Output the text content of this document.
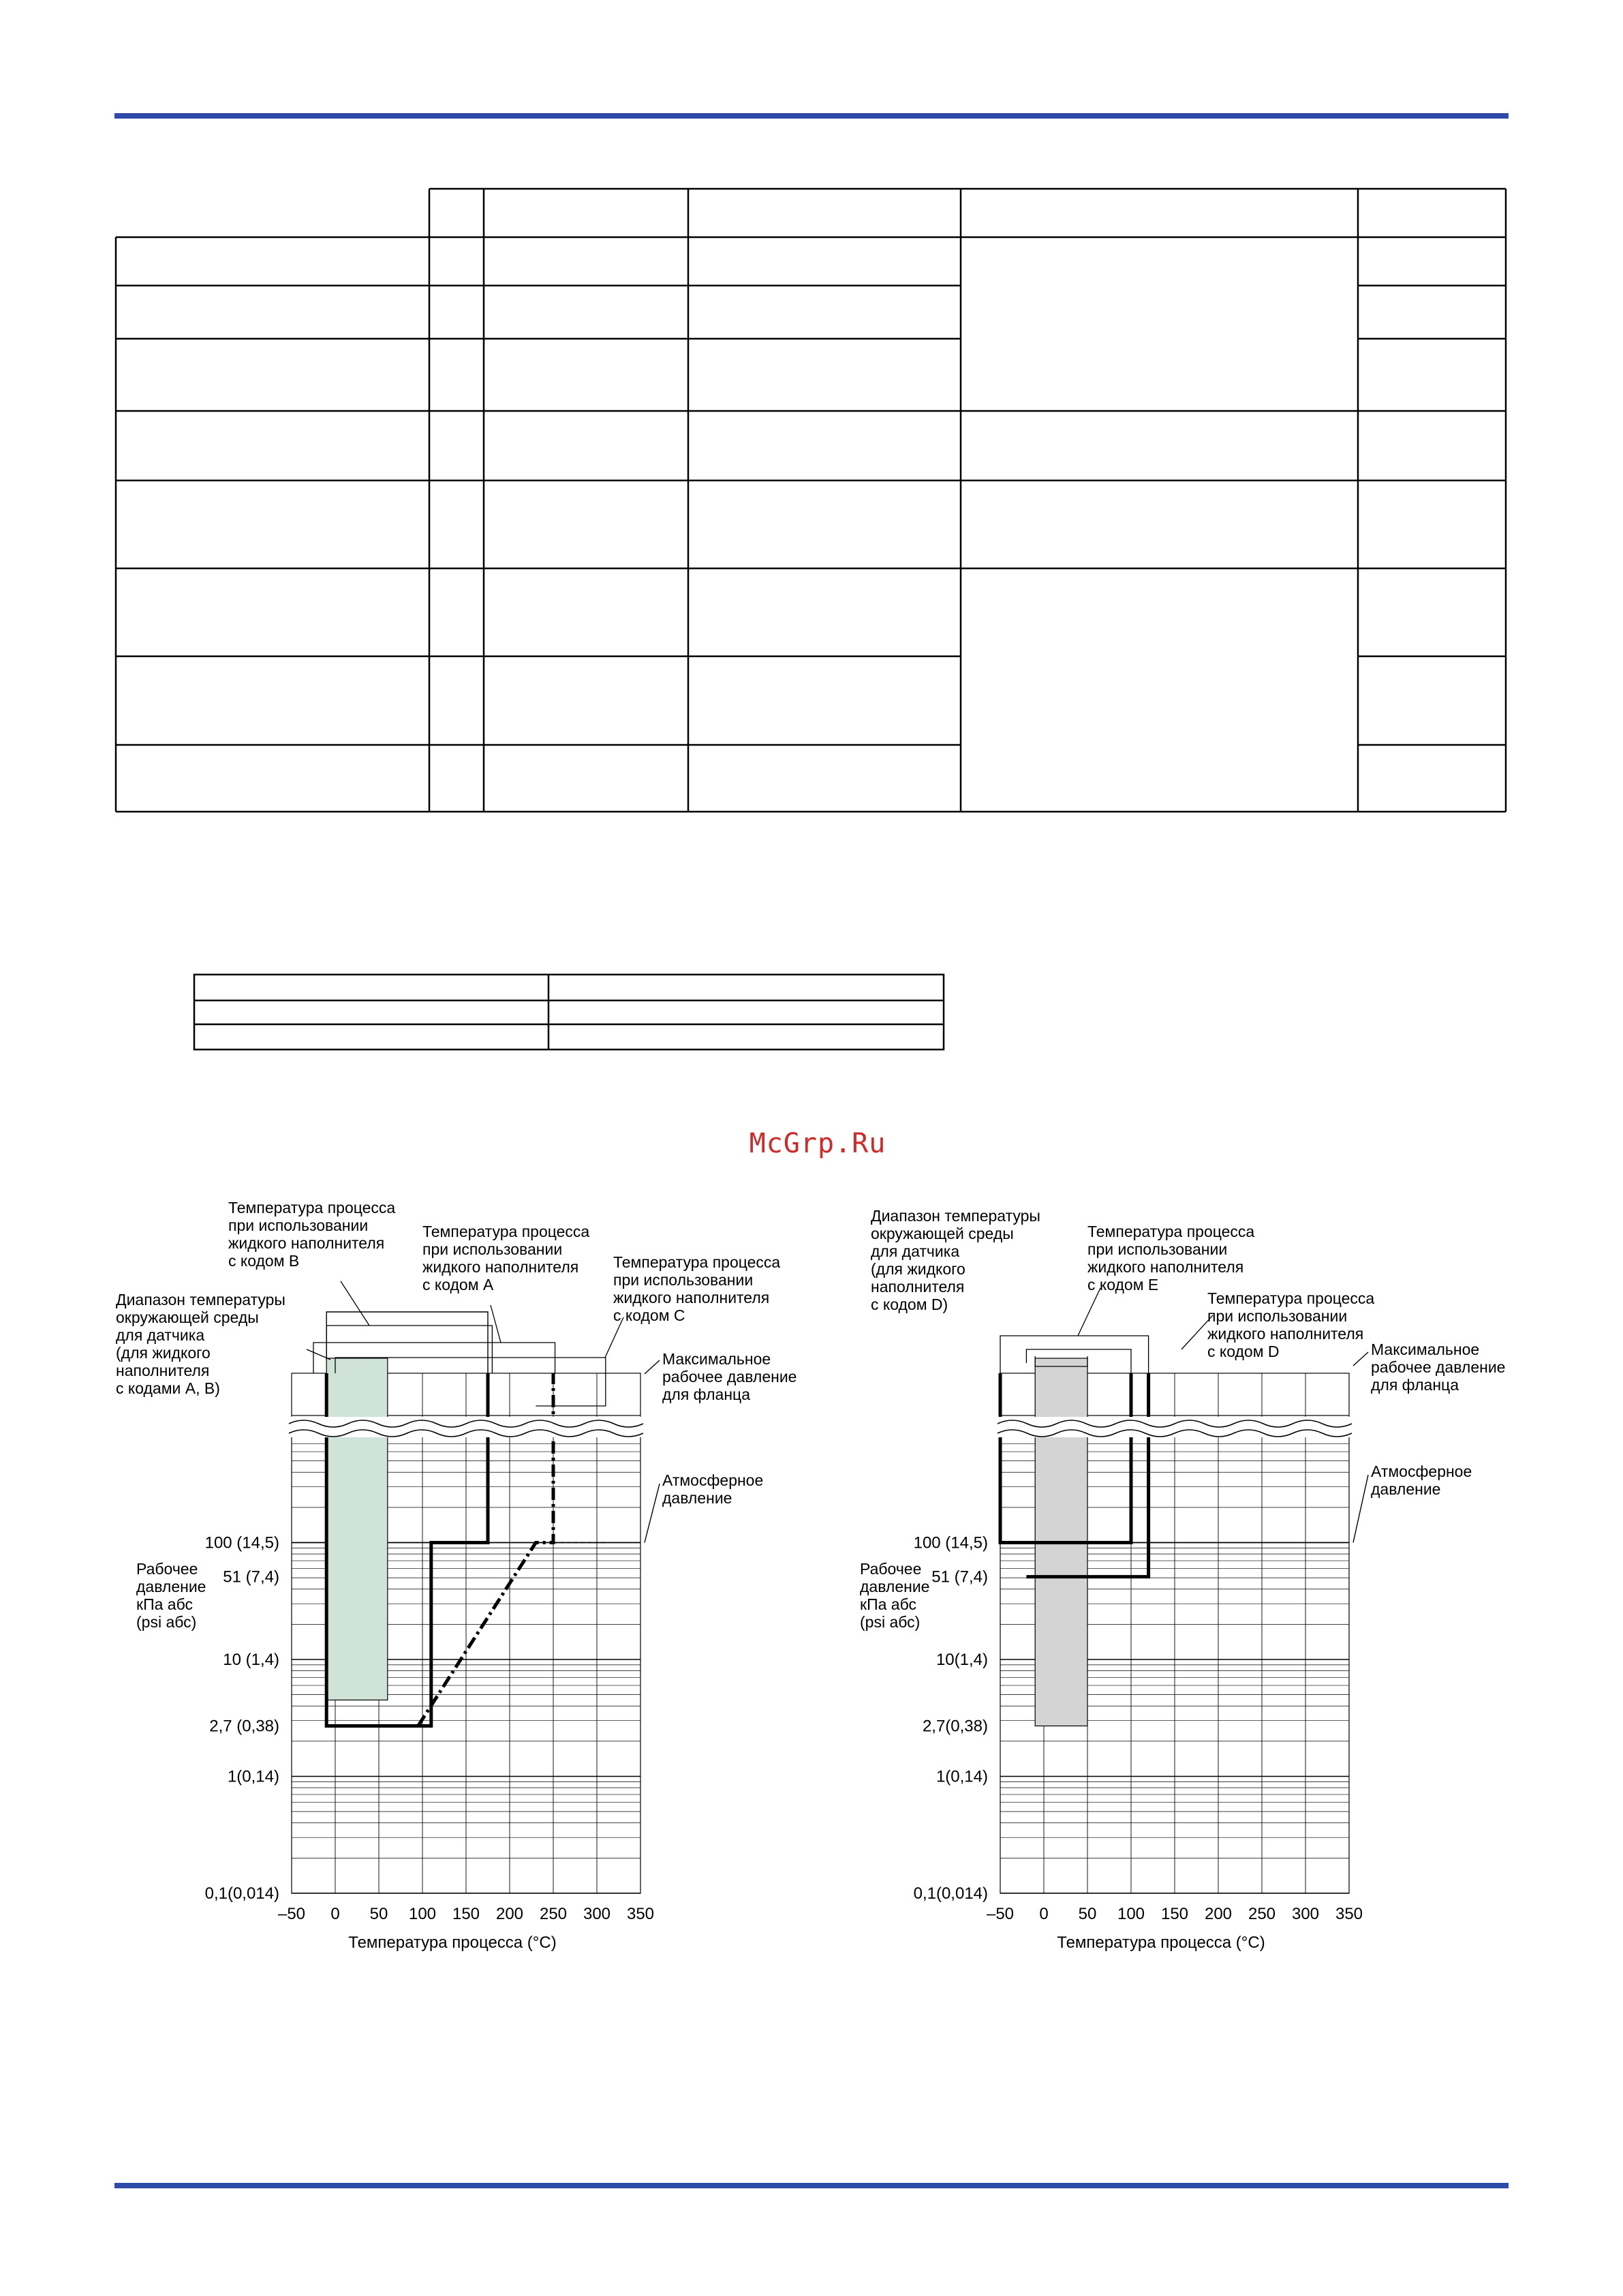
McGrp.Ru
–50 0 50 100 150 200 250 300 350
Температура процесса (°C)
100 (14,5)
51 (7,4)
10 (1,4)
2,7 (0,38)
1(0,14)
0,1(0,014)
Рабочее
давление
кПа абс
(psi абс)
Температура процесса
при использовании
жидкого наполнителя
с кодом B
Температура процесса
при использовании
жидкого наполнителя
с кодом A
Температура процесса
при использовании
жидкого наполнителя
с кодом C
Диапазон температуры
окружающей среды
для датчика
(для жидкого
наполнителя
с кодами A, B)
Максимальное
рабочее давление
для фланца
Атмосферное
давление
–50 0 50 100 150 200 250 300 350
Температура процесса (°C)
100 (14,5)
51 (7,4)
10(1,4)
2,7(0,38)
1(0,14)
0,1(0,014)
Рабочее
давление
кПа абс
(psi абс)
Диапазон температуры
окружающей среды
для датчика
(для жидкого
наполнителя
с кодом D)
Температура процесса
при использовании
жидкого наполнителя
с кодом E
Температура процесса
при использовании
жидкого наполнителя
с кодом D	Максимальное
рабочее давление
для фланца
Атмосферное
давление
